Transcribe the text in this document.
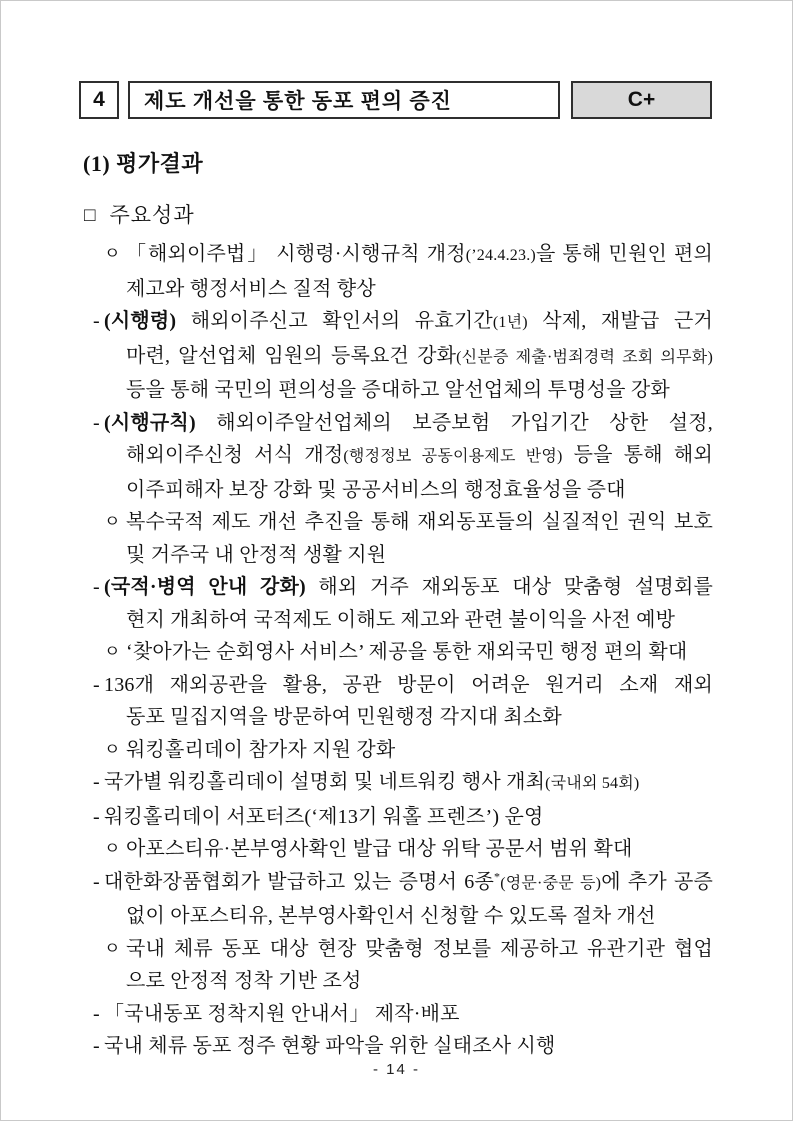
4 제도 개선을 통한 동포 편의 증진	C+
(1) 평가결과
□ 주요성과
ㅇ 「해외이주법」 시행령·시행규칙 개정(’24.4.23.)을 통해 민원인 편의
제고와 행정서비스 질적 향상
- (시행령) 해외이주신고 확인서의 유효기간(1년) 삭제, 재발급 근거
마련, 알선업체 임원의 등록요건 강화(신분증 제출·범죄경력 조회 의무화)
등을 통해 국민의 편의성을 증대하고 알선업체의 투명성을 강화
- (시행규칙) 해외이주알선업체의 보증보험 가입기간 상한 설정,
해외이주신청 서식 개정(행정정보 공동이용제도 반영) 등을 통해 해외
이주피해자 보장 강화 및 공공서비스의 행정효율성을 증대
ㅇ 복수국적 제도 개선 추진을 통해 재외동포들의 실질적인 권익 보호
및 거주국 내 안정적 생활 지원
- (국적·병역 안내 강화) 해외 거주 재외동포 대상 맞춤형 설명회를
현지 개최하여 국적제도 이해도 제고와 관련 불이익을 사전 예방
ㅇ ‘찾아가는 순회영사 서비스’ 제공을 통한 재외국민 행정 편의 확대
- 136개 재외공관을 활용, 공관 방문이 어려운 원거리 소재 재외
동포 밀집지역을 방문하여 민원행정 각지대 최소화
ㅇ 워킹홀리데이 참가자 지원 강화
- 국가별 워킹홀리데이 설명회 및 네트워킹 행사 개최(국내외 54회)
- 워킹홀리데이 서포터즈(‘제13기 워홀 프렌즈’) 운영
ㅇ 아포스티유·본부영사확인 발급 대상 위탁 공문서 범위 확대
- 대한화장품협회가 발급하고 있는 증명서 6종*(영문·중문 등)에 추가 공증
없이 아포스티유, 본부영사확인서 신청할 수 있도록 절차 개선
ㅇ 국내 체류 동포 대상 현장 맞춤형 정보를 제공하고 유관기관 협업
으로 안정적 정착 기반 조성
- 「국내동포 정착지원 안내서」 제작·배포
- 국내 체류 동포 정주 현황 파악을 위한 실태조사 시행
- 14 -
